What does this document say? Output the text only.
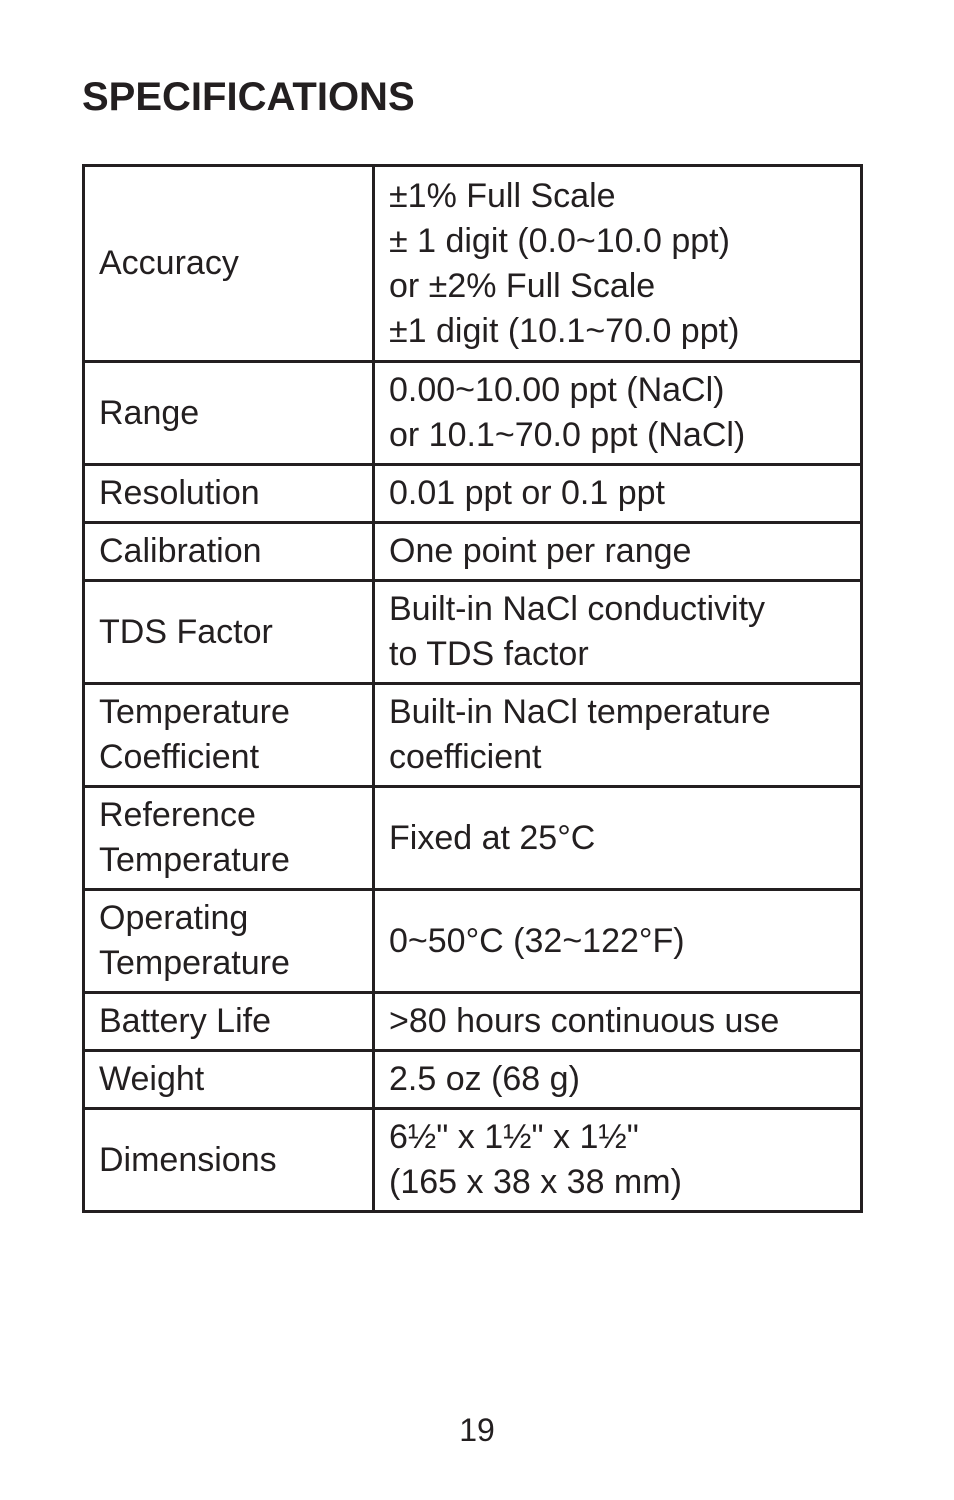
SPECIFICATIONS
Accuracy	±1% Full Scale
± 1 digit (0.0~10.0 ppt)
or ±2% Full Scale
±1 digit (10.1~70.0 ppt)

Range	0.00~10.00 ppt (NaCl)
or 10.1~70.0 ppt (NaCl)

Resolution	0.01 ppt or 0.1 ppt

Calibration	One point per range

TDS Factor	Built-in NaCl conductivity
to TDS factor

Temperature
Coefficient	Built-in NaCl temperature
coefficient

Reference
Temperature	Fixed at 25°C

Operating
Temperature	0~50°C (32~122°F)

Battery Life	>80 hours continuous use

Weight	2.5 oz (68 g)

Dimensions	6½" x 1½" x 1½"
(165 x 38 x 38 mm)
19
